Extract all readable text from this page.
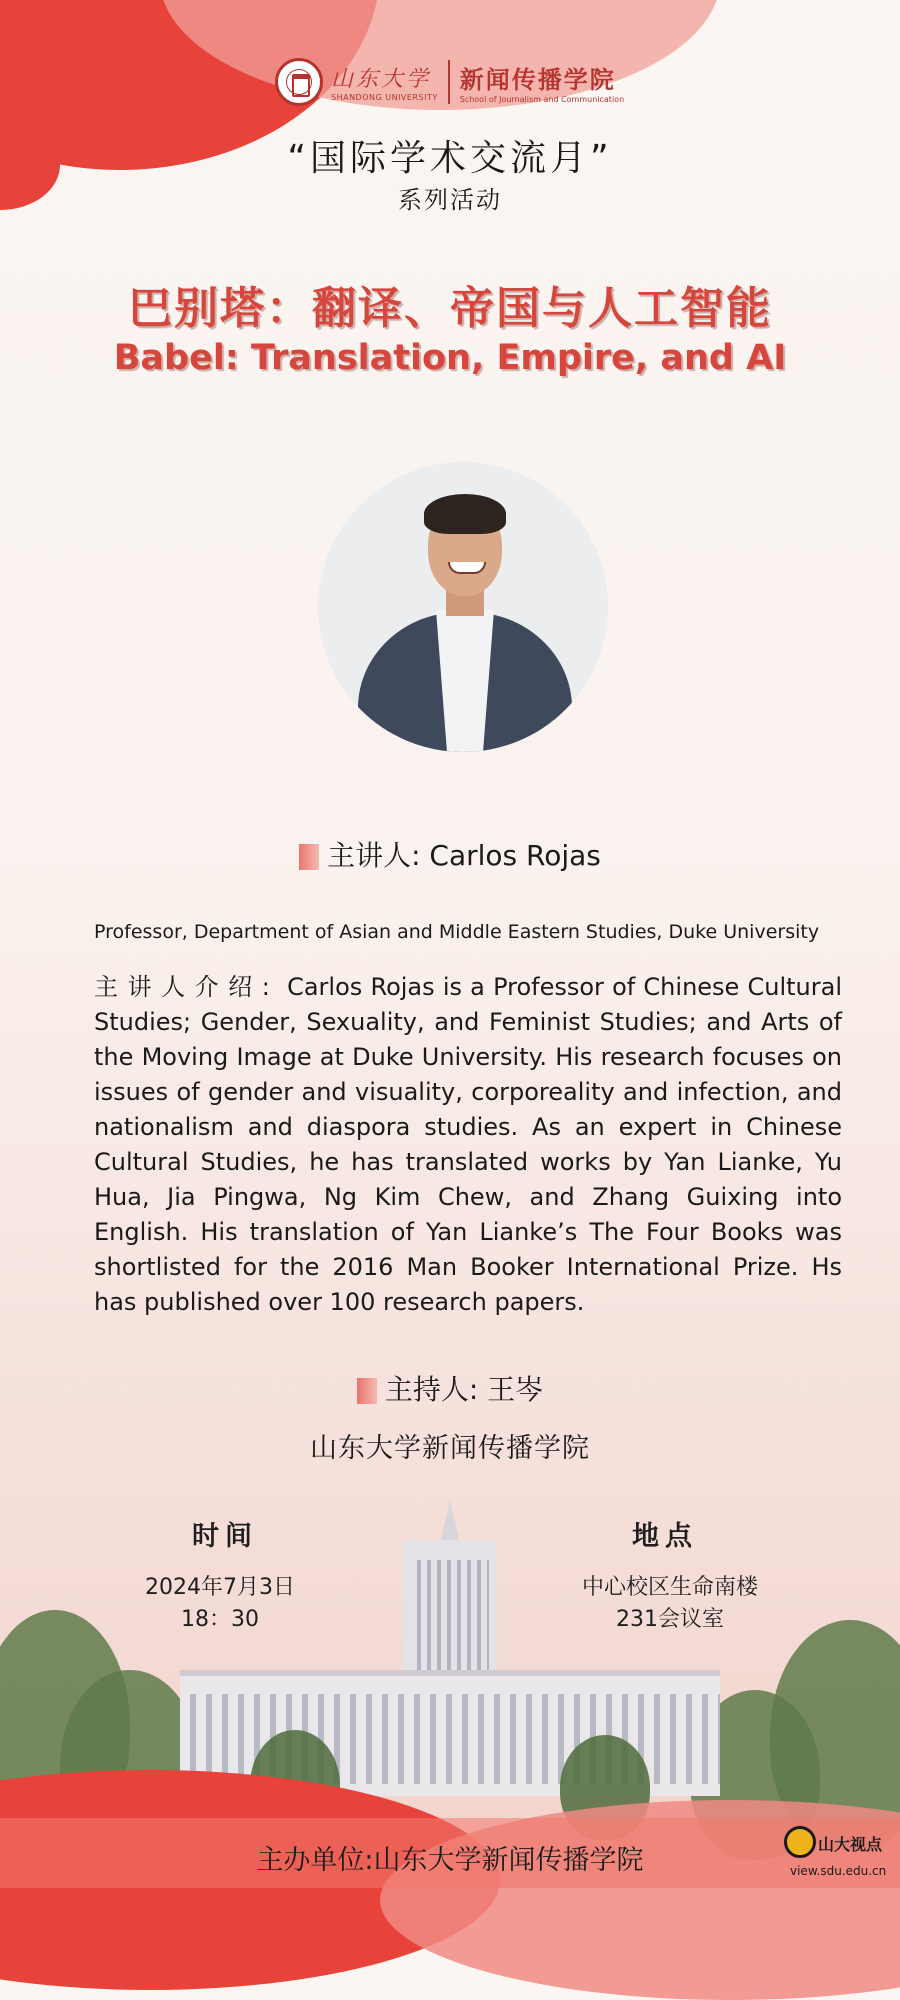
山东大学
SHANDONG UNIVERSITY
新闻传播学院
School of Journalism and Communication
“国际学术交流月”
系列活动
巴别塔：翻译、帝国与人工智能
Babel: Translation, Empire, and AI
主讲人: Carlos Rojas
Professor, Department of Asian and Middle Eastern Studies, Duke University
主讲人介绍: Carlos Rojas is a Professor of Chinese Cultural Studies; Gender, Sexuality, and Feminist Studies; and Arts of the Moving Image at Duke University. His research focuses on issues of gender and visuality, corporeality and infection, and nationalism and diaspora studies. As an expert in Chinese Cultural Studies, he has translated works by Yan Lianke, Yu Hua, Jia Pingwa, Ng Kim Chew, and Zhang Guixing into English. His translation of Yan Lianke’s The Four Books was shortlisted for the 2016 Man Booker International Prize. Hs has published over 100 research papers.
主持人: 王岑
山东大学新闻传播学院
时间
2024年7月3日
18：30
地点
中心校区生命南楼
231会议室
主办单位:山东大学新闻传播学院
山大视点
view.sdu.edu.cn
